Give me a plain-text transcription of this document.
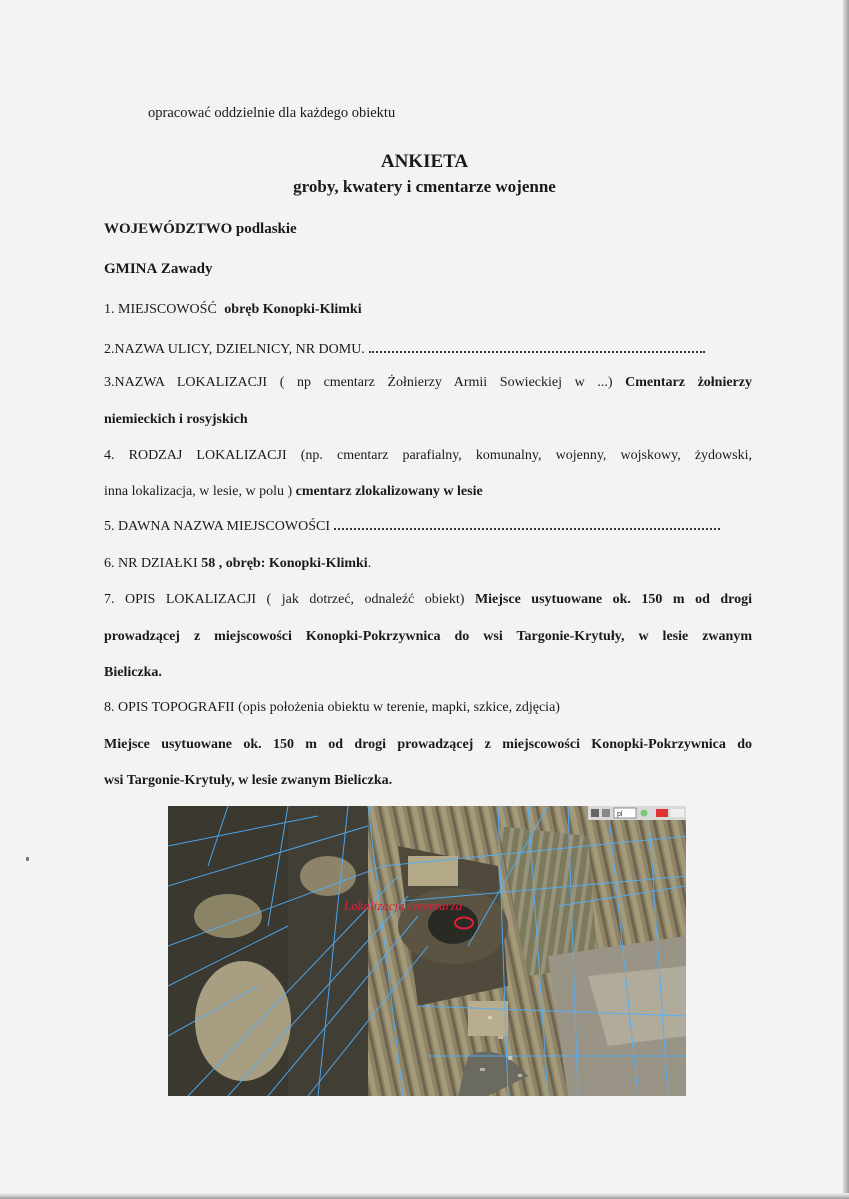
opracować oddzielnie dla każdego obiektu
ANKIETA
groby, kwatery i cmentarze wojenne
WOJEWÓDZTWO podlaskie
GMINA Zawady
1. MIEJSCOWOŚĆ obręb Konopki-Klimki
2.NAZWA ULICY, DZIELNICY, NR DOMU.
3.NAZWA LOKALIZACJI ( np cmentarz Żołnierzy Armii Sowieckiej w ...) Cmentarz żołnierzy
niemieckich i rosyjskich
4. RODZAJ LOKALIZACJI (np. cmentarz parafialny, komunalny, wojenny, wojskowy, żydowski,
inna lokalizacja, w lesie, w polu ) cmentarz zlokalizowany w lesie
5. DAWNA NAZWA MIEJSCOWOŚCI
6. NR DZIAŁKI 58 , obręb: Konopki-Klimki.
7. OPIS LOKALIZACJI ( jak dotrzeć, odnaleźć obiekt) Miejsce usytuowane ok. 150 m od drogi
prowadzącej z miejscowości Konopki-Pokrzywnica do wsi Targonie-Krytuły, w lesie zwanym
Bieliczka.
8. OPIS TOPOGRAFII (opis położenia obiektu w terenie, mapki, szkice, zdjęcia)
Miejsce usytuowane ok. 150 m od drogi prowadzącej z miejscowości Konopki-Pokrzywnica do
wsi Targonie-Krytuły, w lesie zwanym Bieliczka.
pl
Lokalizacja cmentarza
